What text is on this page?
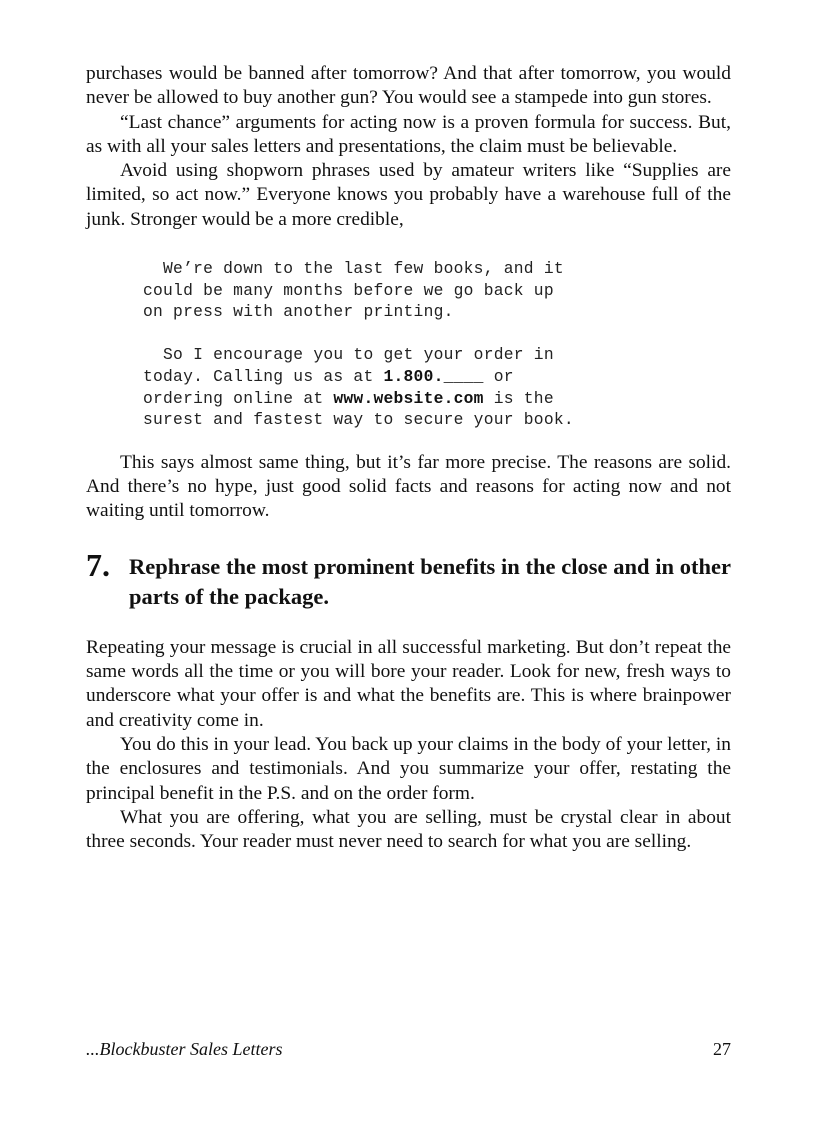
purchases would be banned after tomorrow? And that after tomorrow, you would never be allowed to buy another gun? You would see a stampede into gun stores.

“Last chance” arguments for acting now is a proven formula for success. But, as with all your sales letters and presentations, the claim must be believable.

Avoid using shopworn phrases used by amateur writers like “Supplies are limited, so act now.” Everyone knows you probably have a warehouse full of the junk. Stronger would be a more credible,

We’re down to the last few books, and it
could be many months before we go back up
on press with another printing.
So I encourage you to get your order in
today. Calling us as at 1.800.____ or
ordering online at www.website.com is the
surest and fastest way to secure your book.

This says almost same thing, but it’s far more precise. The reasons are solid. And there’s no hype, just good solid facts and reasons for acting now and not waiting until tomorrow.

7. Rephrase the most prominent benefits in the close and in other parts of the package.

Repeating your message is crucial in all successful marketing. But don’t repeat the same words all the time or you will bore your reader. Look for new, fresh ways to underscore what your offer is and what the benefits are. This is where brainpower and creativity come in.

You do this in your lead. You back up your claims in the body of your letter, in the enclosures and testimonials. And you summarize your offer, restating the principal benefit in the P.S. and on the order form.

What you are offering, what you are selling, must be crystal clear in about three seconds. Your reader must never need to search for what you are selling.

...Blockbuster Sales Letters	27
